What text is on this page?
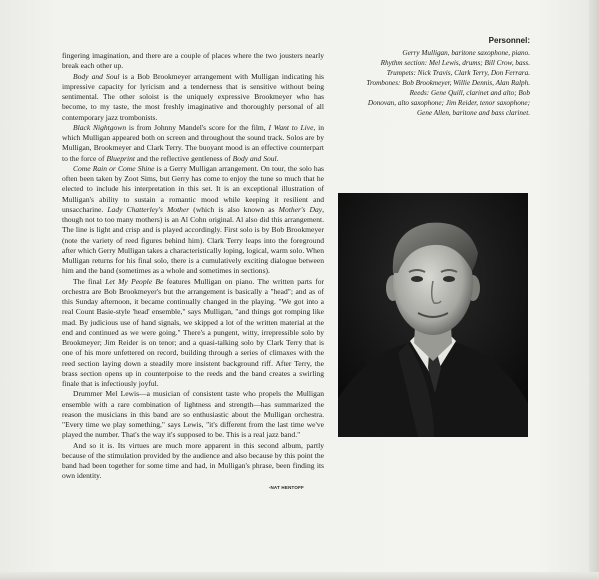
fingering imagination, and there are a couple of places where the two jousters nearly break each other up.

Body and Soul is a Bob Brookmeyer arrangement with Mulligan indicating his impressive capacity for lyricism and a tenderness that is sensitive without being sentimental. The other soloist is the uniquely expressive Brookmeyer who has become, to my taste, the most freshly imaginative and thoroughly personal of all contemporary jazz trombonists.

Black Nightgown is from Johnny Mandel's score for the film, I Want to Live, in which Mulligan appeared both on screen and throughout the sound track. Solos are by Mulligan, Brookmeyer and Clark Terry. The buoyant mood is an effective counterpart to the force of Blueprint and the reflective gentleness of Body and Soul.

Come Rain or Come Shine is a Gerry Mulligan arrangement. On tour, the solo has often been taken by Zoot Sims, but Gerry has come to enjoy the tune so much that he elected to include his interpretation in this set. It is an exceptional illustration of Mulligan's ability to sustain a romantic mood while keeping it resilient and unsaccharine. Lady Chatterley's Mother (which is also known as Mother's Day, though not to too many mothers) is an Al Cohn original. Al also did this arrangement. The line is light and crisp and is played accordingly. First solo is by Bob Brookmeyer (note the variety of reed figures behind him). Clark Terry leaps into the foreground after which Gerry Mulligan takes a characteristically loping, logical, warm solo. When Mulligan returns for his final solo, there is a cumulatively exciting dialogue between him and the band (sometimes as a whole and sometimes in sections).

The final Let My People Be features Mulligan on piano. The written parts for orchestra are Bob Brookmeyer's but the arrangement is basically a "head"; and as of this Sunday afternoon, it became continually changed in the playing. "We got into a real Count Basie-style 'head' ensemble," says Mulligan, "and things got romping like mad. By judicious use of hand signals, we skipped a lot of the written material at the end and continued as we were going." There's a pungent, witty, irrepressible solo by Brookmeyer; Jim Reider is on tenor; and a quasi-talking solo by Clark Terry that is one of his more unfettered on record, building through a series of climaxes with the reed section laying down a steadily more insistent background riff. After Terry, the brass section opens up in counterpoise to the reeds and the band creates a swirling finale that is infectiously joyful.

Drummer Mel Lewis—a musician of consistent taste who propels the Mulligan ensemble with a rare combination of lightness and strength—has summarized the reason the musicians in this band are so enthusiastic about the Mulligan orchestra. "Every time we play something," says Lewis, "it's different from the last time we've played the number. That's the way it's supposed to be. This is a real jazz band."

And so it is. Its virtues are much more apparent in this second album, partly because of the stimulation provided by the audience and also because by this point the band had been together for some time and had, in Mulligan's phrase, been finding its own identity.

-NAT HENTOFF
Personnel:
Gerry Mulligan, baritone saxophone, piano.
Rhythm section: Mel Lewis, drums; Bill Crow, bass.
Trumpets: Nick Travis, Clark Terry, Don Ferrara.
Trombones: Bob Brookmeyer, Willie Dennis, Alan Ralph.
Reeds: Gene Quill, clarinet and alto; Bob
Donovan, alto saxophone; Jim Reider, tenor saxophone;
Gene Allen, baritone and bass clarinet.
